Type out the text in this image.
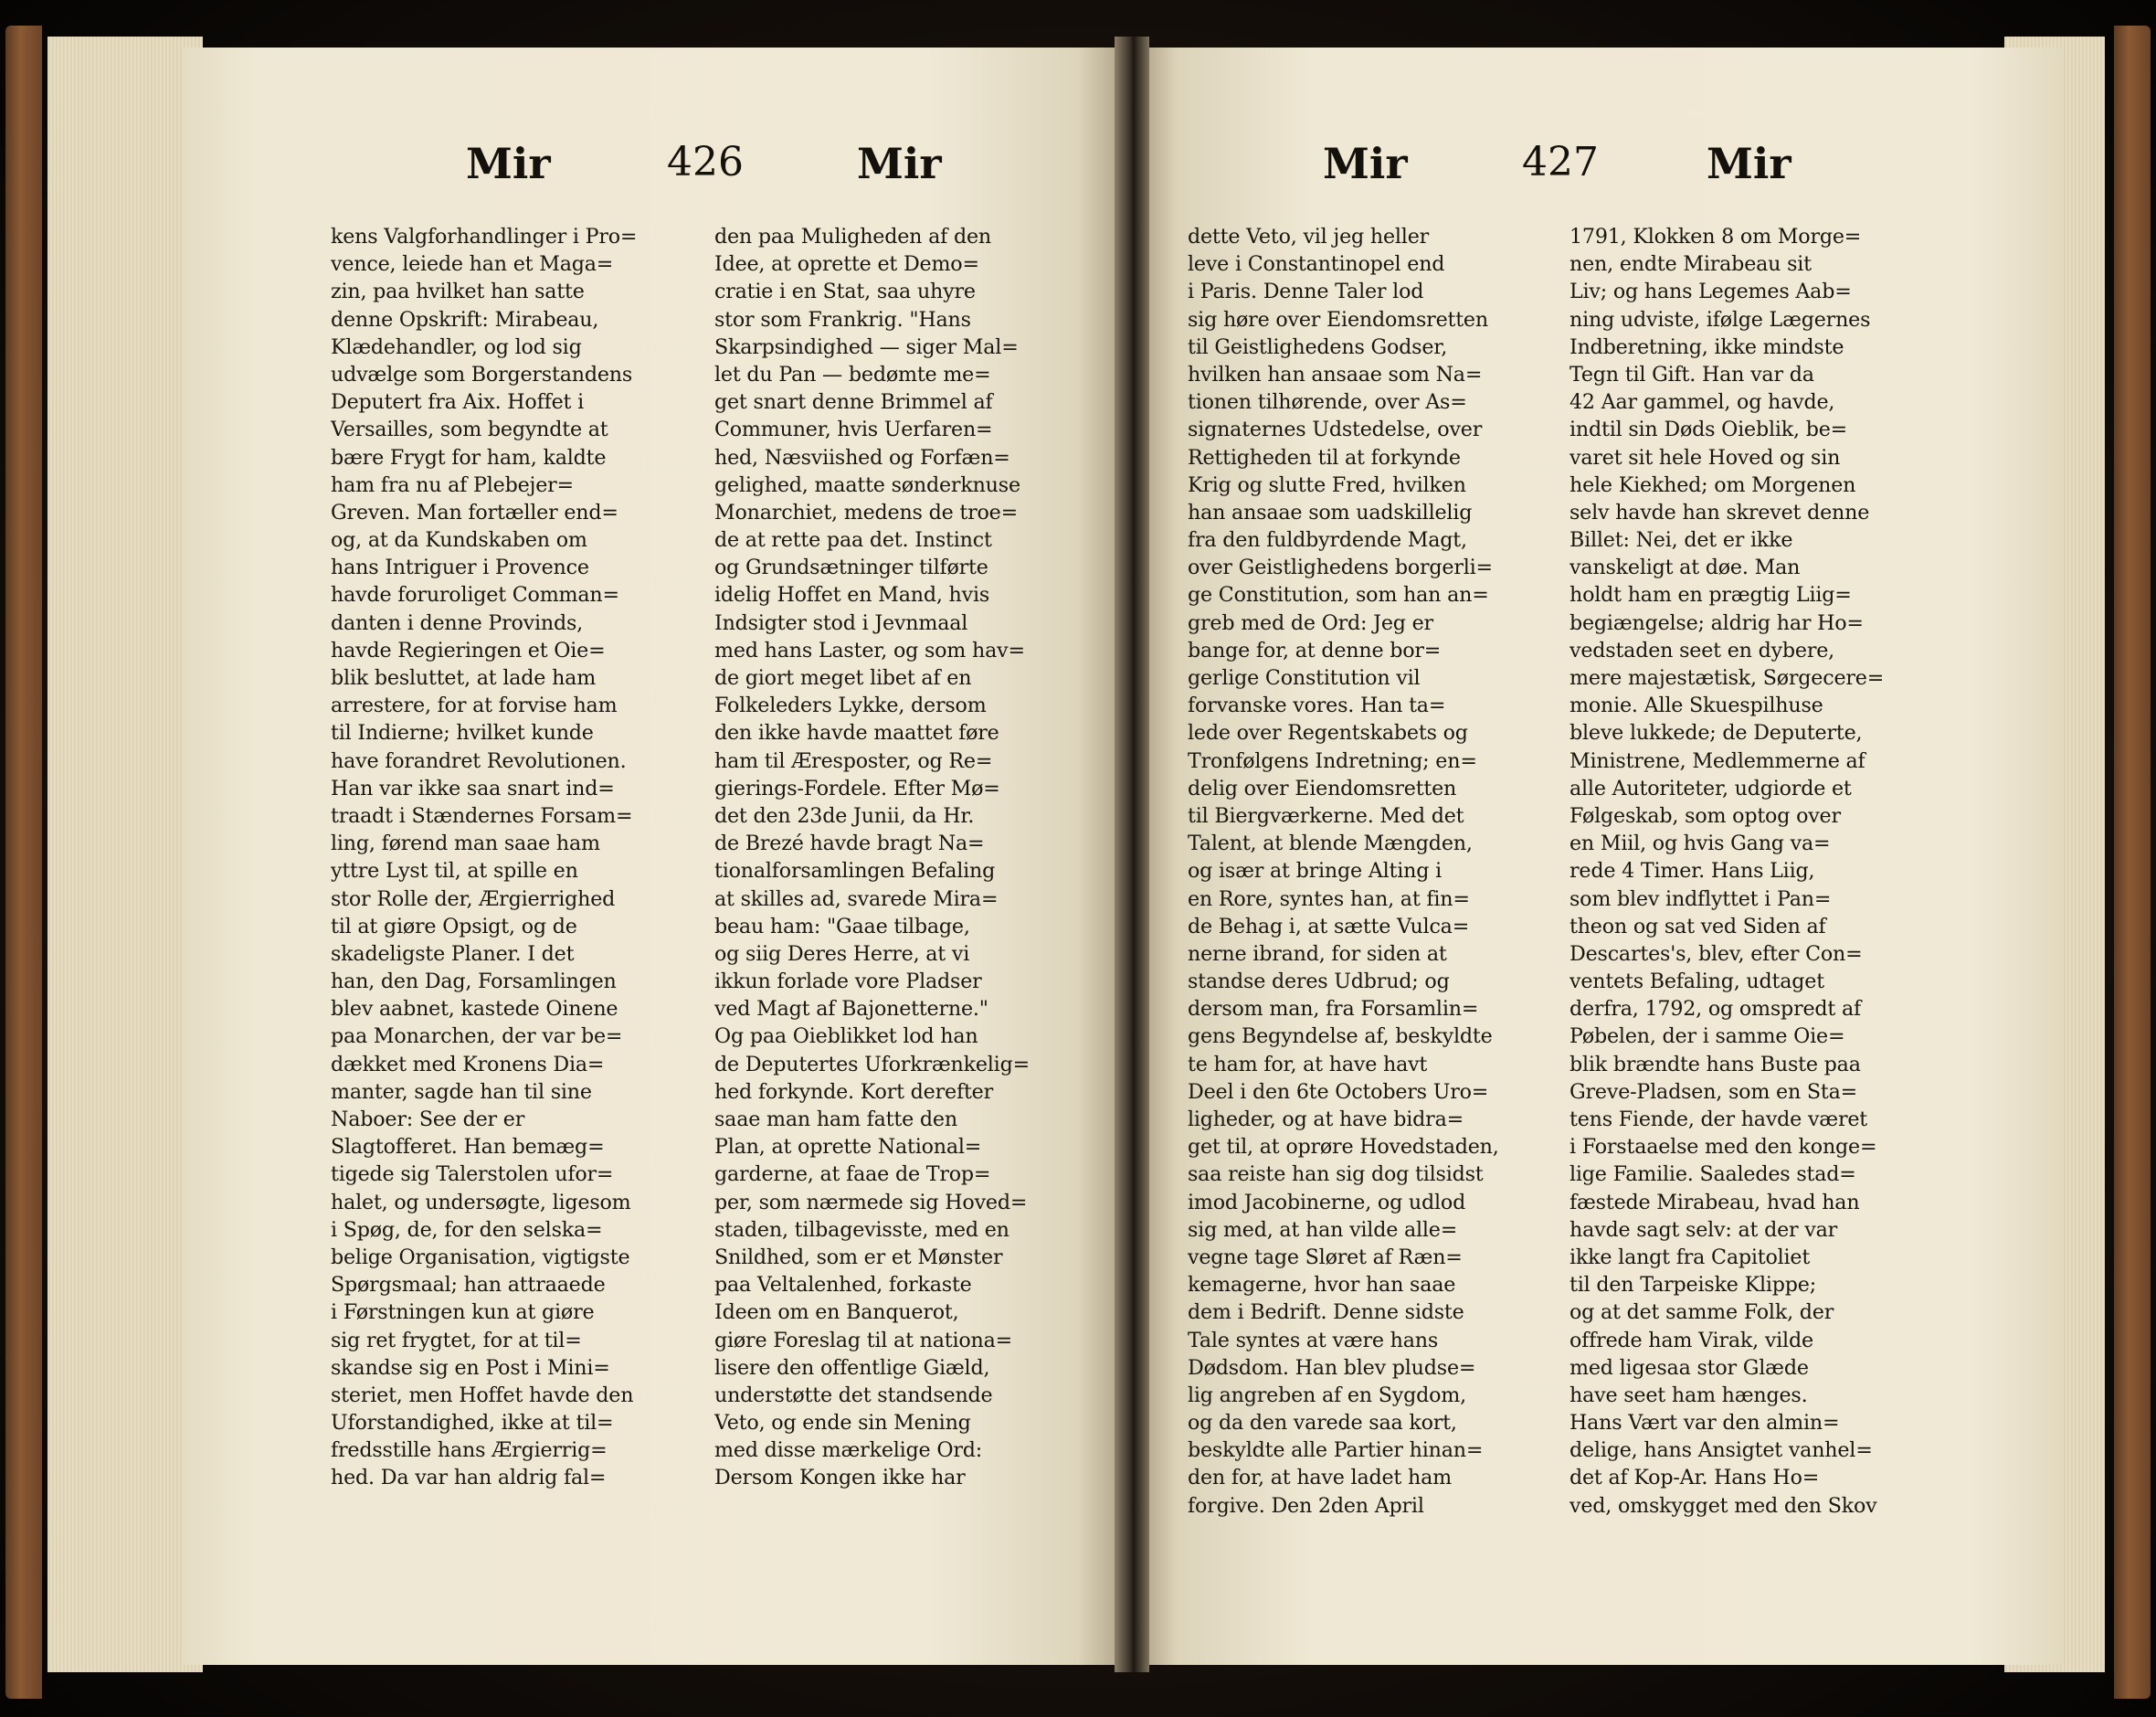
Mir	426	Mir
kens Valgforhandlinger i Pro=
vence, leiede han et Maga=
zin, paa hvilket han satte
denne Opskrift: Mirabeau,
Klædehandler, og lod sig
udvælge som Borgerstandens
Deputert fra Aix. Hoffet i
Versailles, som begyndte at
bære Frygt for ham, kaldte
ham fra nu af Plebejer=
Greven. Man fortæller end=
og, at da Kundskaben om
hans Intriguer i Provence
havde foruroliget Comman=
danten i denne Provinds,
havde Regieringen et Oie=
blik besluttet, at lade ham
arrestere, for at forvise ham
til Indierne; hvilket kunde
have forandret Revolutionen.
Han var ikke saa snart ind=
traadt i Stændernes Forsam=
ling, førend man saae ham
yttre Lyst til, at spille en
stor Rolle der, Ærgierrighed
til at giøre Opsigt, og de
skadeligste Planer. I det
han, den Dag, Forsamlingen
blev aabnet, kastede Oinene
paa Monarchen, der var be=
dækket med Kronens Dia=
manter, sagde han til sine
Naboer: See der er
Slagtofferet. Han bemæg=
tigede sig Talerstolen ufor=
halet, og undersøgte, ligesom
i Spøg, de, for den selska=
belige Organisation, vigtigste
Spørgsmaal; han attraaede
i Førstningen kun at giøre
sig ret frygtet, for at til=
skandse sig en Post i Mini=
steriet, men Hoffet havde den
Uforstandighed, ikke at til=
fredsstille hans Ærgierrig=
hed. Da var han aldrig fal=
den paa Muligheden af den
Idee, at oprette et Demo=
cratie i en Stat, saa uhyre
stor som Frankrig. "Hans
Skarpsindighed — siger Mal=
let du Pan — bedømte me=
get snart denne Brimmel af
Communer, hvis Uerfaren=
hed, Næsviished og Forfæn=
gelighed, maatte sønderknuse
Monarchiet, medens de troe=
de at rette paa det. Instinct
og Grundsætninger tilførte
idelig Hoffet en Mand, hvis
Indsigter stod i Jevnmaal
med hans Laster, og som hav=
de giort meget libet af en
Folkeleders Lykke, dersom
den ikke havde maattet føre
ham til Æresposter, og Re=
gierings-Fordele. Efter Mø=
det den 23de Junii, da Hr.
de Brezé havde bragt Na=
tionalforsamlingen Befaling
at skilles ad, svarede Mira=
beau ham: "Gaae tilbage,
og siig Deres Herre, at vi
ikkun forlade vore Pladser
ved Magt af Bajonetterne."
Og paa Oieblikket lod han
de Deputertes Uforkrænkelig=
hed forkynde. Kort derefter
saae man ham fatte den
Plan, at oprette National=
garderne, at faae de Trop=
per, som nærmede sig Hoved=
staden, tilbagevisste, med en
Snildhed, som er et Mønster
paa Veltalenhed, forkaste
Ideen om en Banquerot,
giøre Foreslag til at nationa=
lisere den offentlige Giæld,
understøtte det standsende
Veto, og ende sin Mening
med disse mærkelige Ord:
Dersom Kongen ikke har
Mir	427	Mir
dette Veto, vil jeg heller
leve i Constantinopel end
i Paris. Denne Taler lod
sig høre over Eiendomsretten
til Geistlighedens Godser,
hvilken han ansaae som Na=
tionen tilhørende, over As=
signaternes Udstedelse, over
Rettigheden til at forkynde
Krig og slutte Fred, hvilken
han ansaae som uadskillelig
fra den fuldbyrdende Magt,
over Geistlighedens borgerli=
ge Constitution, som han an=
greb med de Ord: Jeg er
bange for, at denne bor=
gerlige Constitution vil
forvanske vores. Han ta=
lede over Regentskabets og
Tronfølgens Indretning; en=
delig over Eiendomsretten
til Biergværkerne. Med det
Talent, at blende Mængden,
og især at bringe Alting i
en Rore, syntes han, at fin=
de Behag i, at sætte Vulca=
nerne ibrand, for siden at
standse deres Udbrud; og
dersom man, fra Forsamlin=
gens Begyndelse af, beskyldte
te ham for, at have havt
Deel i den 6te Octobers Uro=
ligheder, og at have bidra=
get til, at oprøre Hovedstaden,
saa reiste han sig dog tilsidst
imod Jacobinerne, og udlod
sig med, at han vilde alle=
vegne tage Sløret af Ræn=
kemagerne, hvor han saae
dem i Bedrift. Denne sidste
Tale syntes at være hans
Dødsdom. Han blev pludse=
lig angreben af en Sygdom,
og da den varede saa kort,
beskyldte alle Partier hinan=
den for, at have ladet ham
forgive. Den 2den April
1791, Klokken 8 om Morge=
nen, endte Mirabeau sit
Liv; og hans Legemes Aab=
ning udviste, ifølge Lægernes
Indberetning, ikke mindste
Tegn til Gift. Han var da
42 Aar gammel, og havde,
indtil sin Døds Oieblik, be=
varet sit hele Hoved og sin
hele Kiekhed; om Morgenen
selv havde han skrevet denne
Billet: Nei, det er ikke
vanskeligt at døe. Man
holdt ham en prægtig Liig=
begiængelse; aldrig har Ho=
vedstaden seet en dybere,
mere majestætisk, Sørgecere=
monie. Alle Skuespilhuse
bleve lukkede; de Deputerte,
Ministrene, Medlemmerne af
alle Autoriteter, udgiorde et
Følgeskab, som optog over
en Miil, og hvis Gang va=
rede 4 Timer. Hans Liig,
som blev indflyttet i Pan=
theon og sat ved Siden af
Descartes's, blev, efter Con=
ventets Befaling, udtaget
derfra, 1792, og omspredt af
Pøbelen, der i samme Oie=
blik brændte hans Buste paa
Greve-Pladsen, som en Sta=
tens Fiende, der havde været
i Forstaaelse med den konge=
lige Familie. Saaledes stad=
fæstede Mirabeau, hvad han
havde sagt selv: at der var
ikke langt fra Capitoliet
til den Tarpeiske Klippe;
og at det samme Folk, der
offrede ham Virak, vilde
med ligesaa stor Glæde
have seet ham hænges.
Hans Vært var den almin=
delige, hans Ansigtet vanhel=
det af Kop-Ar. Hans Ho=
ved, omskygget med den Skov
